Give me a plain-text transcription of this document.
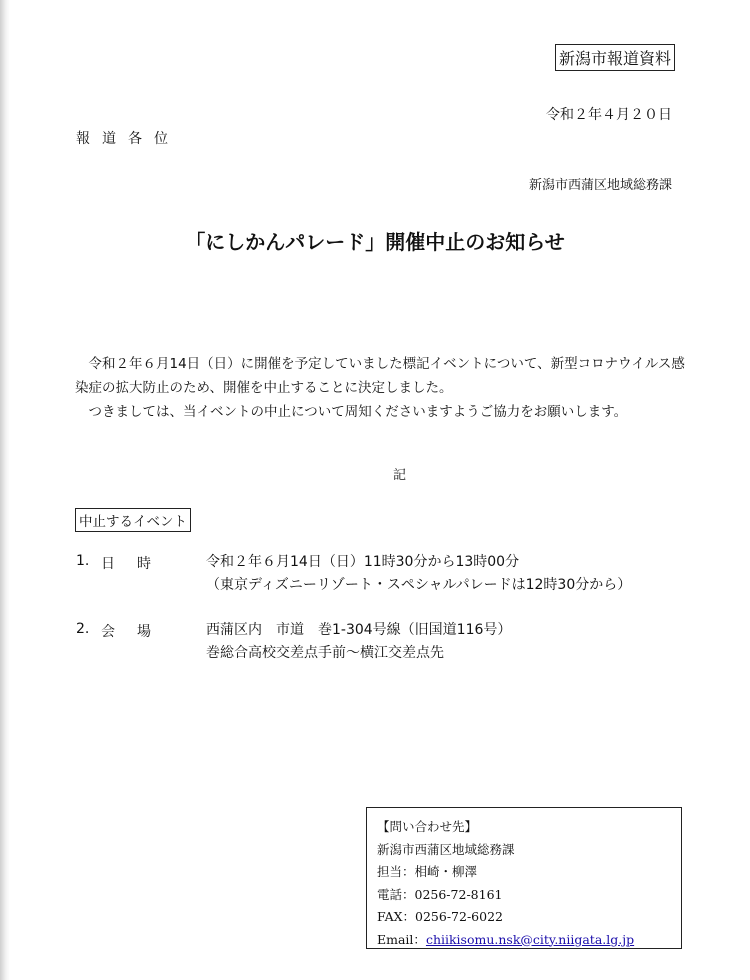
新潟市報道資料
令和２年４月２０日
報道各位
新潟市西蒲区地域総務課
「にしかんパレード」開催中止のお知らせ

令和２年６月14日（日）に開催を予定していました標記イベントについて、新型コロナウイルス感染症の拡大防止のため、開催を中止することに決定しました。

つきましては、当イベントの中止について周知くださいますようご協力をお願いします。

記
中止するイベント
1. 日時 令和２年６月14日（日）11時30分から13時00分
（東京ディズニーリゾート・スペシャルパレードは12時30分から）
2. 会場 西蒲区内　市道　巻1-304号線（旧国道116号）
巻総合高校交差点手前～横江交差点先
【問い合わせ先】
新潟市西蒲区地域総務課
担当：相崎・柳澤
電話：0256-72-8161
FAX：0256-72-6022
Email：chiikisomu.nsk@city.niigata.lg.jp
